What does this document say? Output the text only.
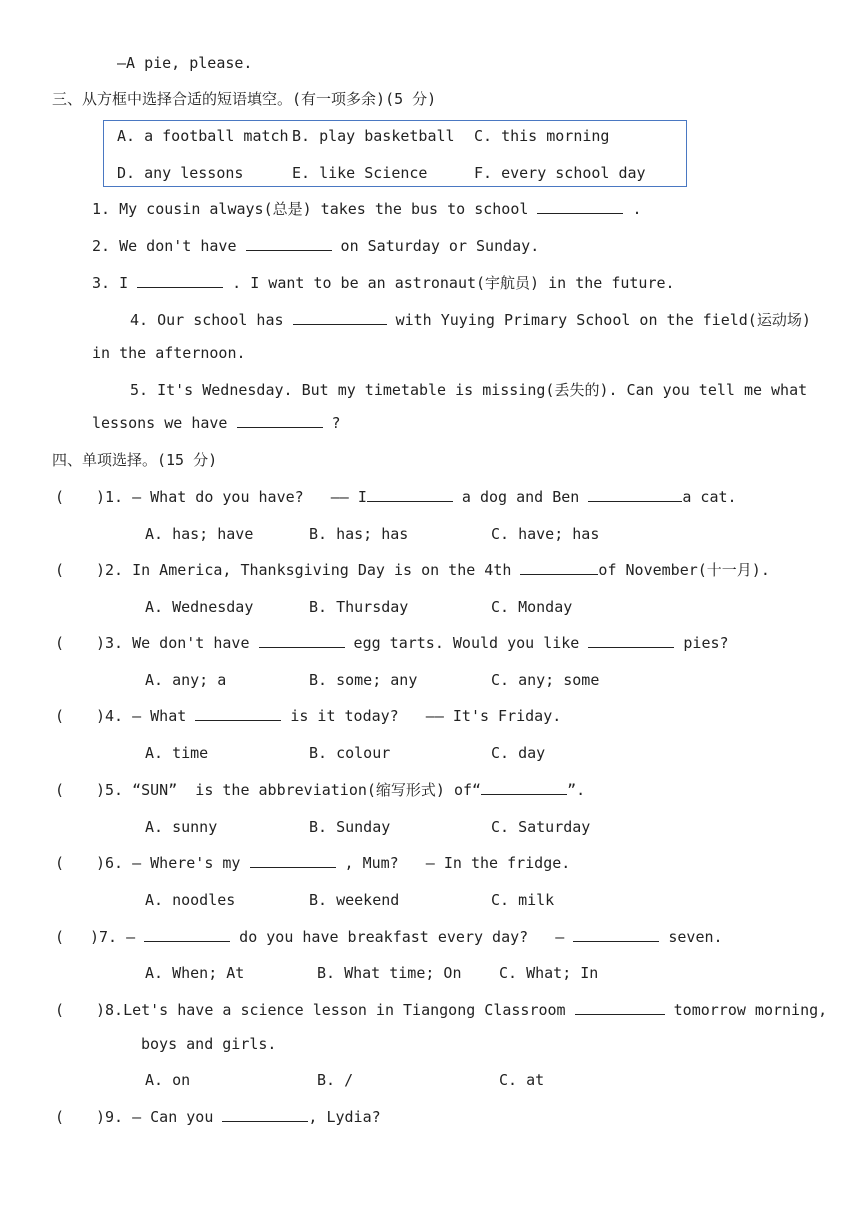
—A pie, please.
三、从方框中选择合适的短语填空。(有一项多余)(5 分)
A. a football match B. play basketball C. this morning
D. any lessons	E. like Science	F. every school day
1. My cousin always(总是) takes the bus to school	.
2. We don't have	on Saturday or Sunday.
3. I	. I want to be an astronaut(宇航员) in the future.
4. Our school has	with Yuying Primary School on the field(运动场)
in the afternoon.
5. It's Wednesday. But my timetable is missing(丢失的). Can you tell me what
lessons we have	?
四、单项选择。(15 分)
( ) 1. — What do you have?   —— I	a dog and Ben	a cat.
A. has; have	B. has; has	C. have; has
( ) 2. In America, Thanksgiving Day is on the 4th	of November(十一月).
A. Wednesday	B. Thursday	C. Monday
( ) 3. We don't have	egg tarts. Would you like	pies?
A. any; a	B. some; any	C. any; some
( ) 4. — What	is it today?   —— It's Friday.
A. time	B. colour	C. day
( ) 5. “SUN”  is the abbreviation(缩写形式) of“	”.
A. sunny	B. Sunday	C. Saturday
( ) 6. — Where's my	, Mum?   — In the fridge.
A. noodles	B. weekend	C. milk
( ) 7. —	do you have breakfast every day?   —	seven.
A. When; At	B. What time; On	C. What; In
( ) 8.Let's have a science lesson in Tiangong Classroom	tomorrow morning,
boys and girls.
A. on	B. /	C. at
( ) 9. — Can you	, Lydia?
